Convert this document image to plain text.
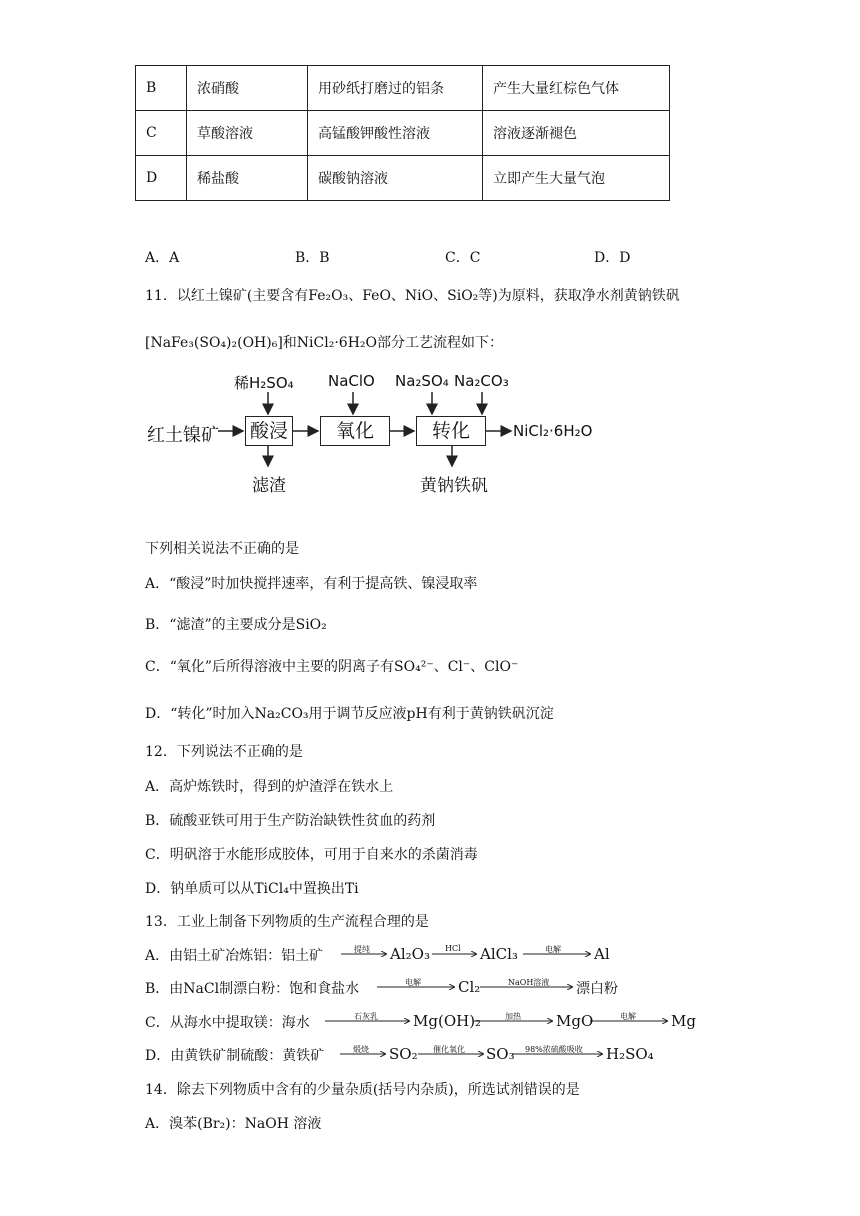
B	浓硝酸	用砂纸打磨过的铝条	产生大量红棕色气体
C	草酸溶液	高锰酸钾酸性溶液	溶液逐渐褪色
D	稀盐酸	碳酸钠溶液	立即产生大量气泡
A．A	B．B	C．C	D．D
11．以红土镍矿(主要含有Fe₂O₃、FeO、NiO、SiO₂等)为原料，获取净水剂黄钠铁矾
[NaFe₃(SO₄)₂(OH)₆]和NiCl₂·6H₂O部分工艺流程如下：
红土镍矿 酸浸	氧化	转化	NiCl₂·6H₂O
稀H₂SO₄ NaClO Na₂SO₄ Na₂CO₃
滤渣	黄钠铁矾
下列相关说法不正确的是
A．“酸浸”时加快搅拌速率，有利于提高铁、镍浸取率
B．“滤渣”的主要成分是SiO₂
C．“氧化”后所得溶液中主要的阴离子有SO₄²⁻、Cl⁻、ClO⁻
D．“转化”时加入Na₂CO₃用于调节反应液pH有利于黄钠铁矾沉淀
12．下列说法不正确的是
A．高炉炼铁时，得到的炉渣浮在铁水上
B．硫酸亚铁可用于生产防治缺铁性贫血的药剂
C．明矾溶于水能形成胶体，可用于自来水的杀菌消毒
D．钠单质可以从TiCl₄中置换出Ti
13．工业上制备下列物质的生产流程合理的是
A．由铝土矿冶炼铝：铝土矿	提纯 Al₂O₃ HCl AlCl₃	电解 Al
B．由NaCl制漂白粉：饱和食盐水	电解 Cl₂	NaOH溶液 漂白粉
C．从海水中提取镁：海水	石灰乳 Mg(OH)₂	加热 MgO	电解 Mg
D．由黄铁矿制硫酸：黄铁矿	煅烧 SO₂ 催化氧化 SO₃ 98%浓硫酸吸收 H₂SO₄
14．除去下列物质中含有的少量杂质(括号内杂质)，所选试剂错误的是
A．溴苯(Br₂)：NaOH 溶液
